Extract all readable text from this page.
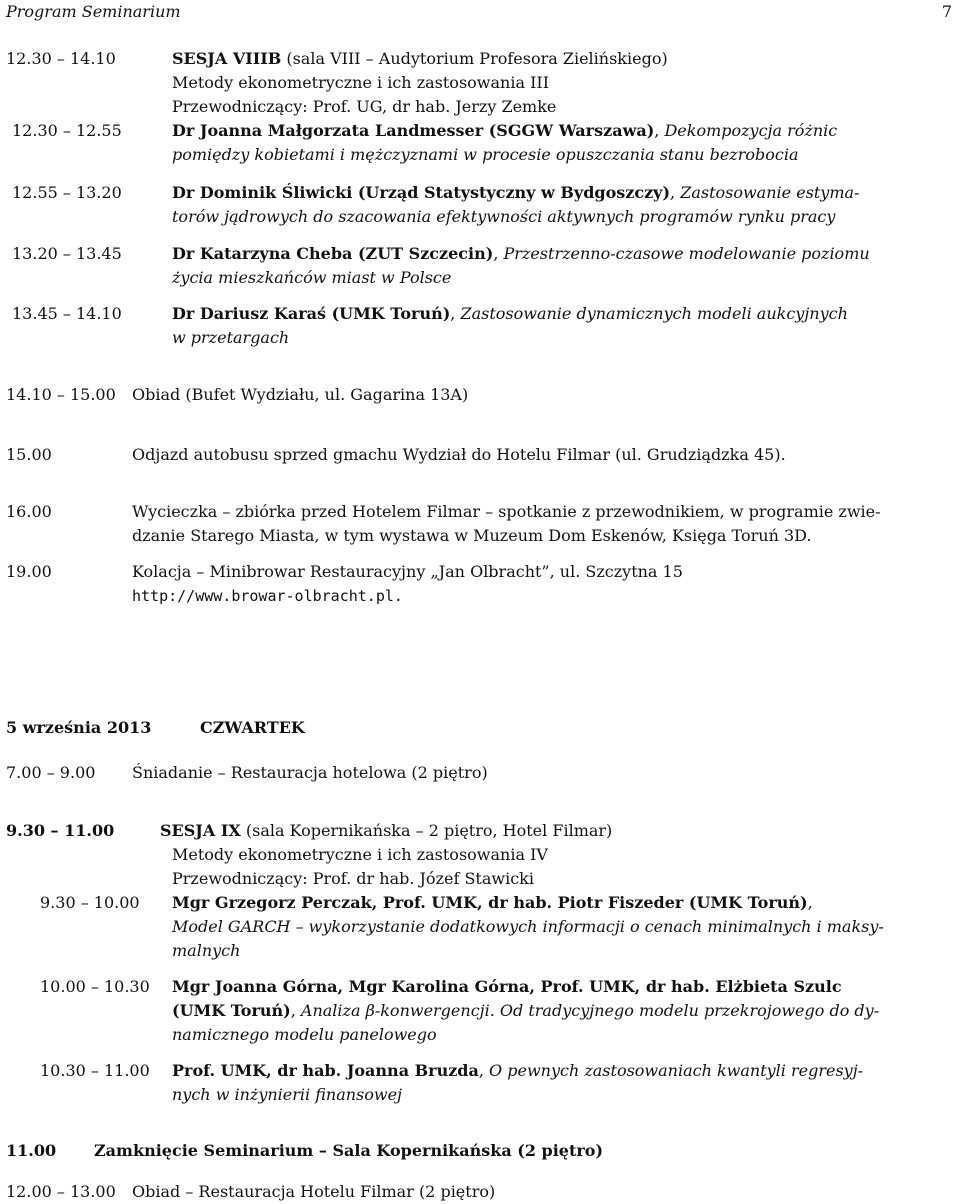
Program Seminarium	7
12.30 – 14.10	SESJA VIIIB (sala VIII – Audytorium Profesora Zielińskiego)
Metody ekonometryczne i ich zastosowania III
Przewodniczący: Prof. UG, dr hab. Jerzy Zemke
12.30 – 12.55	Dr Joanna Małgorzata Landmesser (SGGW Warszawa), Dekompozycja różnic
pomiędzy kobietami i mężczyznami w procesie opuszczania stanu bezrobocia
12.55 – 13.20	Dr Dominik Śliwicki (Urząd Statystyczny w Bydgoszczy), Zastosowanie estyma-
torów jądrowych do szacowania efektywności aktywnych programów rynku pracy
13.20 – 13.45	Dr Katarzyna Cheba (ZUT Szczecin), Przestrzenno-czasowe modelowanie poziomu
życia mieszkańców miast w Polsce
13.45 – 14.10	Dr Dariusz Karaś (UMK Toruń), Zastosowanie dynamicznych modeli aukcyjnych
w przetargach
14.10 – 15.00 Obiad (Bufet Wydziału, ul. Gagarina 13A)
15.00	Odjazd autobusu sprzed gmachu Wydział do Hotelu Filmar (ul. Grudziądzka 45).
16.00	Wycieczka – zbiórka przed Hotelem Filmar – spotkanie z przewodnikiem, w programie zwie-
dzanie Starego Miasta, w tym wystawa w Muzeum Dom Eskenów, Księga Toruń 3D.
19.00	Kolacja – Minibrowar Restauracyjny „Jan Olbracht”, ul. Szczytna 15
http://www.browar-olbracht.pl.
5 września 2013	CZWARTEK
7.00 – 9.00 Śniadanie – Restauracja hotelowa (2 piętro)
9.30 – 11.00	SESJA IX (sala Kopernikańska – 2 piętro, Hotel Filmar)
Metody ekonometryczne i ich zastosowania IV
Przewodniczący: Prof. dr hab. Józef Stawicki
9.30 – 10.00 Mgr Grzegorz Perczak, Prof. UMK, dr hab. Piotr Fiszeder (UMK Toruń),
Model GARCH – wykorzystanie dodatkowych informacji o cenach minimalnych i maksy-
malnych
10.00 – 10.30 Mgr Joanna Górna, Mgr Karolina Górna, Prof. UMK, dr hab. Elżbieta Szulc
(UMK Toruń), Analiza β-konwergencji. Od tradycyjnego modelu przekrojowego do dy-
namicznego modelu panelowego
10.30 – 11.00 Prof. UMK, dr hab. Joanna Bruzda, O pewnych zastosowaniach kwantyli regresyj-
nych w inżynierii finansowej
11.00 Zamknięcie Seminarium – Sala Kopernikańska (2 piętro)
12.00 – 13.00 Obiad – Restauracja Hotelu Filmar (2 piętro)
